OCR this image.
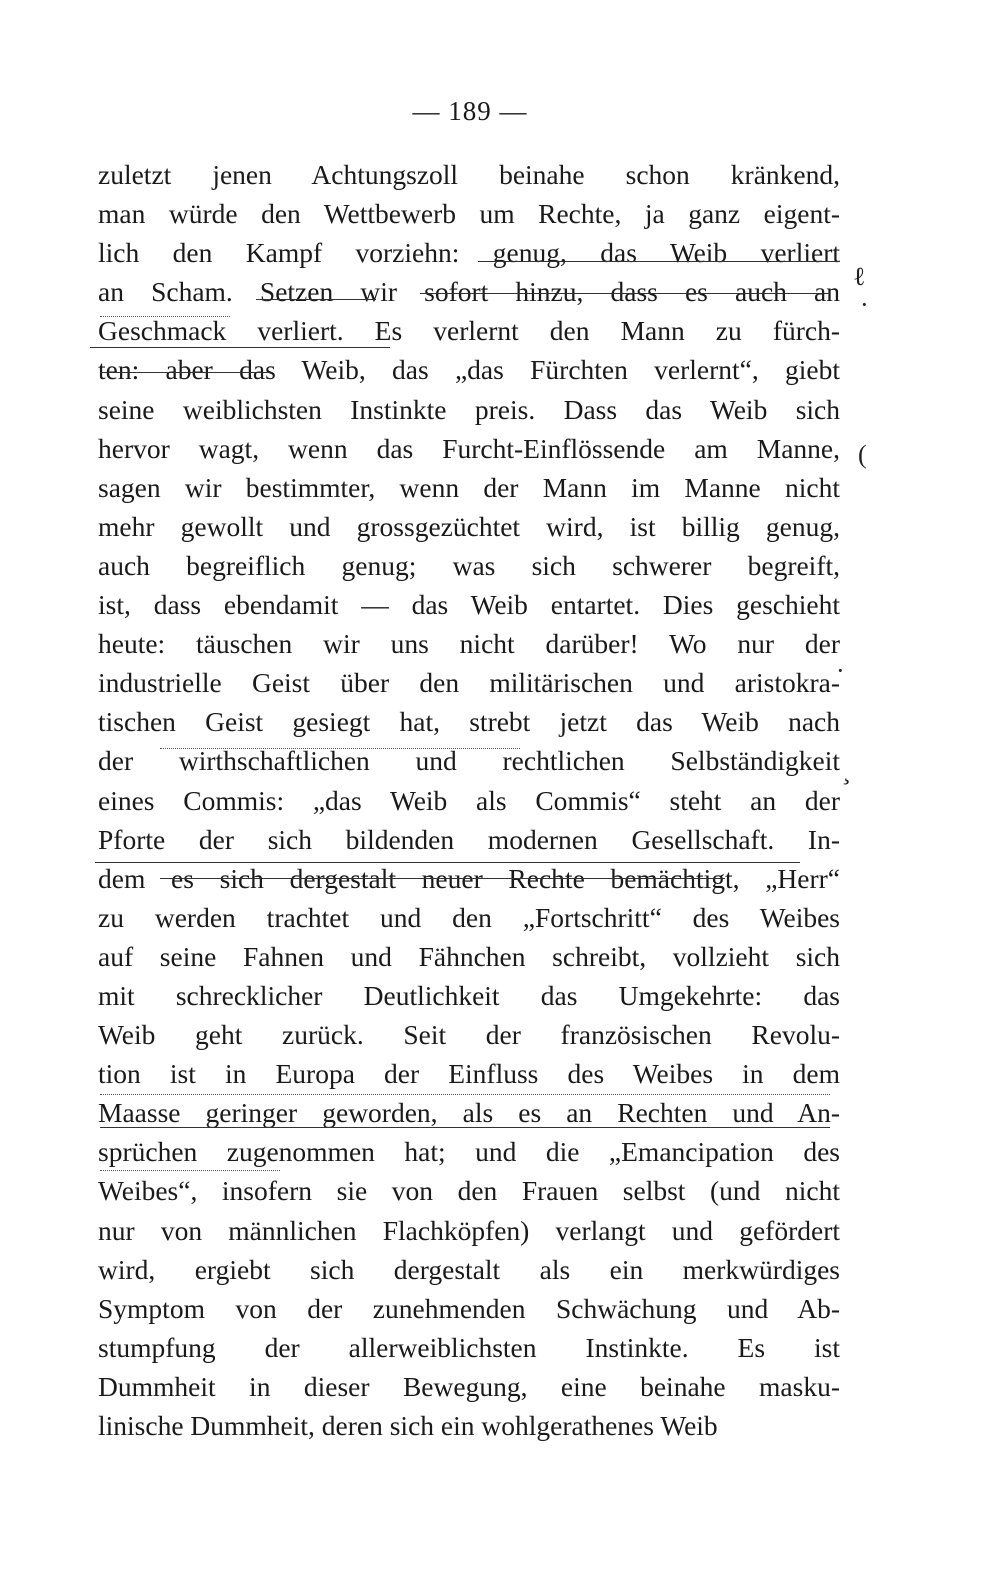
— 189 —
zuletzt jenen Achtungszoll beinahe schon kränkend,
man würde den Wettbewerb um Rechte, ja ganz eigent-
lich den Kampf vorziehn: genug, das Weib verliert
an Scham. Setzen wir sofort hinzu, dass es auch an
Geschmack verliert. Es verlernt den Mann zu fürch-
ten: aber das Weib, das „das Fürchten verlernt“, giebt
seine weiblichsten Instinkte preis. Dass das Weib sich
hervor wagt, wenn das Furcht-Einflössende am Manne,
sagen wir bestimmter, wenn der Mann im Manne nicht
mehr gewollt und grossgezüchtet wird, ist billig genug,
auch begreiflich genug; was sich schwerer begreift,
ist, dass ebendamit — das Weib entartet. Dies geschieht
heute: täuschen wir uns nicht darüber! Wo nur der
industrielle Geist über den militärischen und aristokra-
tischen Geist gesiegt hat, strebt jetzt das Weib nach
der wirthschaftlichen und rechtlichen Selbständigkeit
eines Commis: „das Weib als Commis“ steht an der
Pforte der sich bildenden modernen Gesellschaft. In-
dem es sich dergestalt neuer Rechte bemächtigt, „Herr“
zu werden trachtet und den „Fortschritt“ des Weibes
auf seine Fahnen und Fähnchen schreibt, vollzieht sich
mit schrecklicher Deutlichkeit das Umgekehrte: das
Weib geht zurück. Seit der französischen Revolu-
tion ist in Europa der Einfluss des Weibes in dem
Maasse geringer geworden, als es an Rechten und An-
sprüchen zugenommen hat; und die „Emancipation des
Weibes“, insofern sie von den Frauen selbst (und nicht
nur von männlichen Flachköpfen) verlangt und gefördert
wird, ergiebt sich dergestalt als ein merkwürdiges
Symptom von der zunehmenden Schwächung und Ab-
stumpfung der allerweiblichsten Instinkte. Es ist
Dummheit in dieser Bewegung, eine beinahe masku-
linische Dummheit, deren sich ein wohlgerathenes Weib
ℓ
·
(
·
¸
